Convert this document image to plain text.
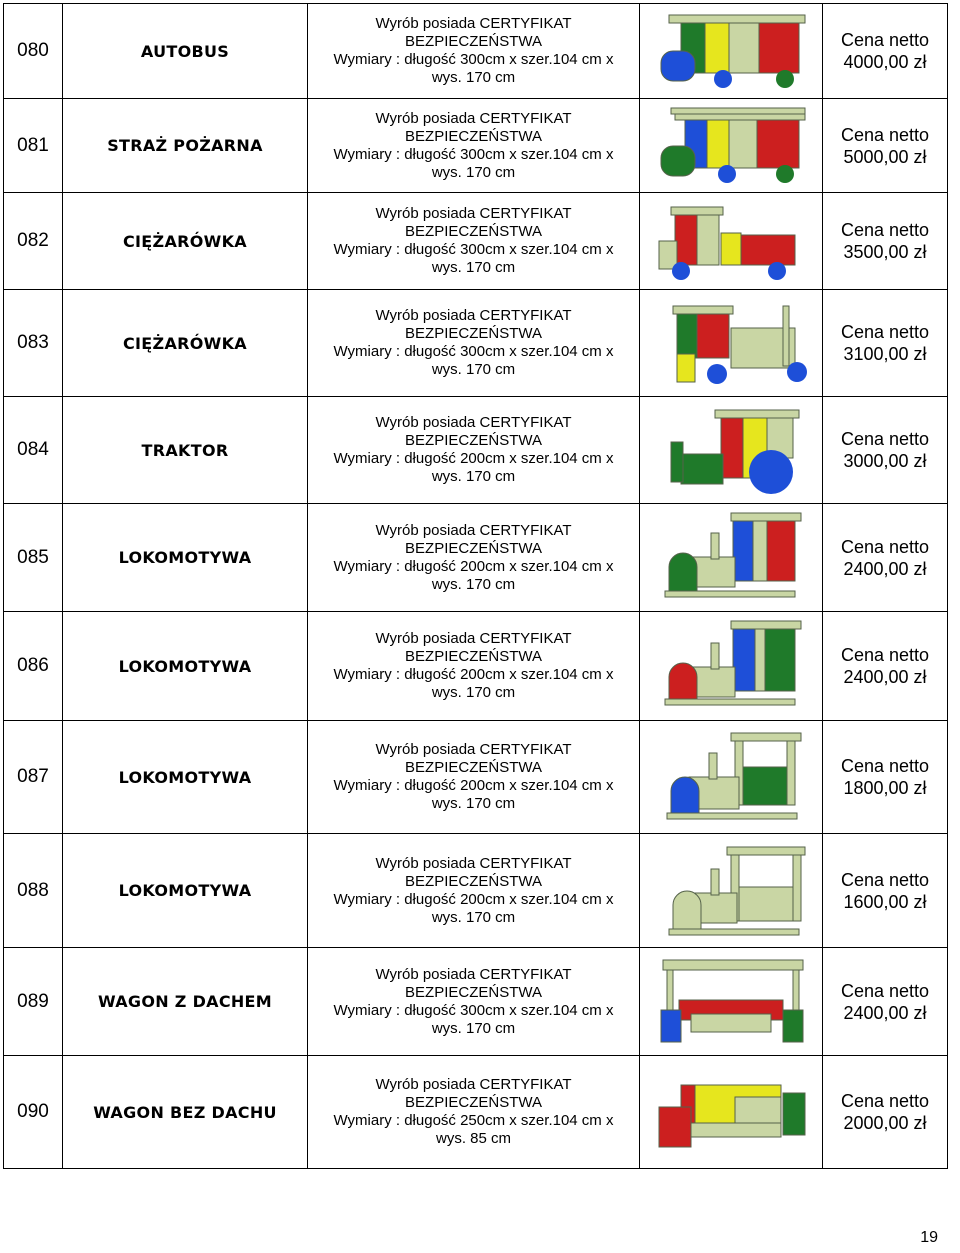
080	AUTOBUS	Wyrób posiada CERTYFIKAT
BEZPIECZEŃSTWA
Wymiary : długość 300cm x szer.104 cm x
wys. 170 cm		Cena netto
4000,00 zł

081	STRAŻ POŻARNA	Wyrób posiada CERTYFIKAT
BEZPIECZEŃSTWA
Wymiary : długość 300cm x szer.104 cm x
wys. 170 cm		Cena netto
5000,00 zł

082	CIĘŻARÓWKA	Wyrób posiada CERTYFIKAT
BEZPIECZEŃSTWA
Wymiary : długość 300cm x szer.104 cm x
wys. 170 cm		Cena netto
3500,00 zł

083	CIĘŻARÓWKA	Wyrób posiada CERTYFIKAT
BEZPIECZEŃSTWA
Wymiary : długość 300cm x szer.104 cm x
wys. 170 cm		Cena netto
3100,00 zł

084	TRAKTOR	Wyrób posiada CERTYFIKAT
BEZPIECZEŃSTWA
Wymiary : długość 200cm x szer.104 cm x
wys. 170 cm		Cena netto
3000,00 zł

085	LOKOMOTYWA	Wyrób posiada CERTYFIKAT
BEZPIECZEŃSTWA
Wymiary : długość 200cm x szer.104 cm x
wys. 170 cm		Cena netto
2400,00 zł

086	LOKOMOTYWA	Wyrób posiada CERTYFIKAT
BEZPIECZEŃSTWA
Wymiary : długość 200cm x szer.104 cm x
wys. 170 cm		Cena netto
2400,00 zł

087	LOKOMOTYWA	Wyrób posiada CERTYFIKAT
BEZPIECZEŃSTWA
Wymiary : długość 200cm x szer.104 cm x
wys. 170 cm		Cena netto
1800,00 zł

088	LOKOMOTYWA	Wyrób posiada CERTYFIKAT
BEZPIECZEŃSTWA
Wymiary : długość 200cm x szer.104 cm x
wys. 170 cm		Cena netto
1600,00 zł

089	WAGON Z DACHEM	Wyrób posiada CERTYFIKAT
BEZPIECZEŃSTWA
Wymiary : długość 300cm x szer.104 cm x
wys. 170 cm		Cena netto
2400,00 zł

090	WAGON BEZ DACHU	Wyrób posiada CERTYFIKAT
BEZPIECZEŃSTWA
Wymiary : długość 250cm x szer.104 cm x
wys. 85 cm		Cena netto
2000,00 zł
19
